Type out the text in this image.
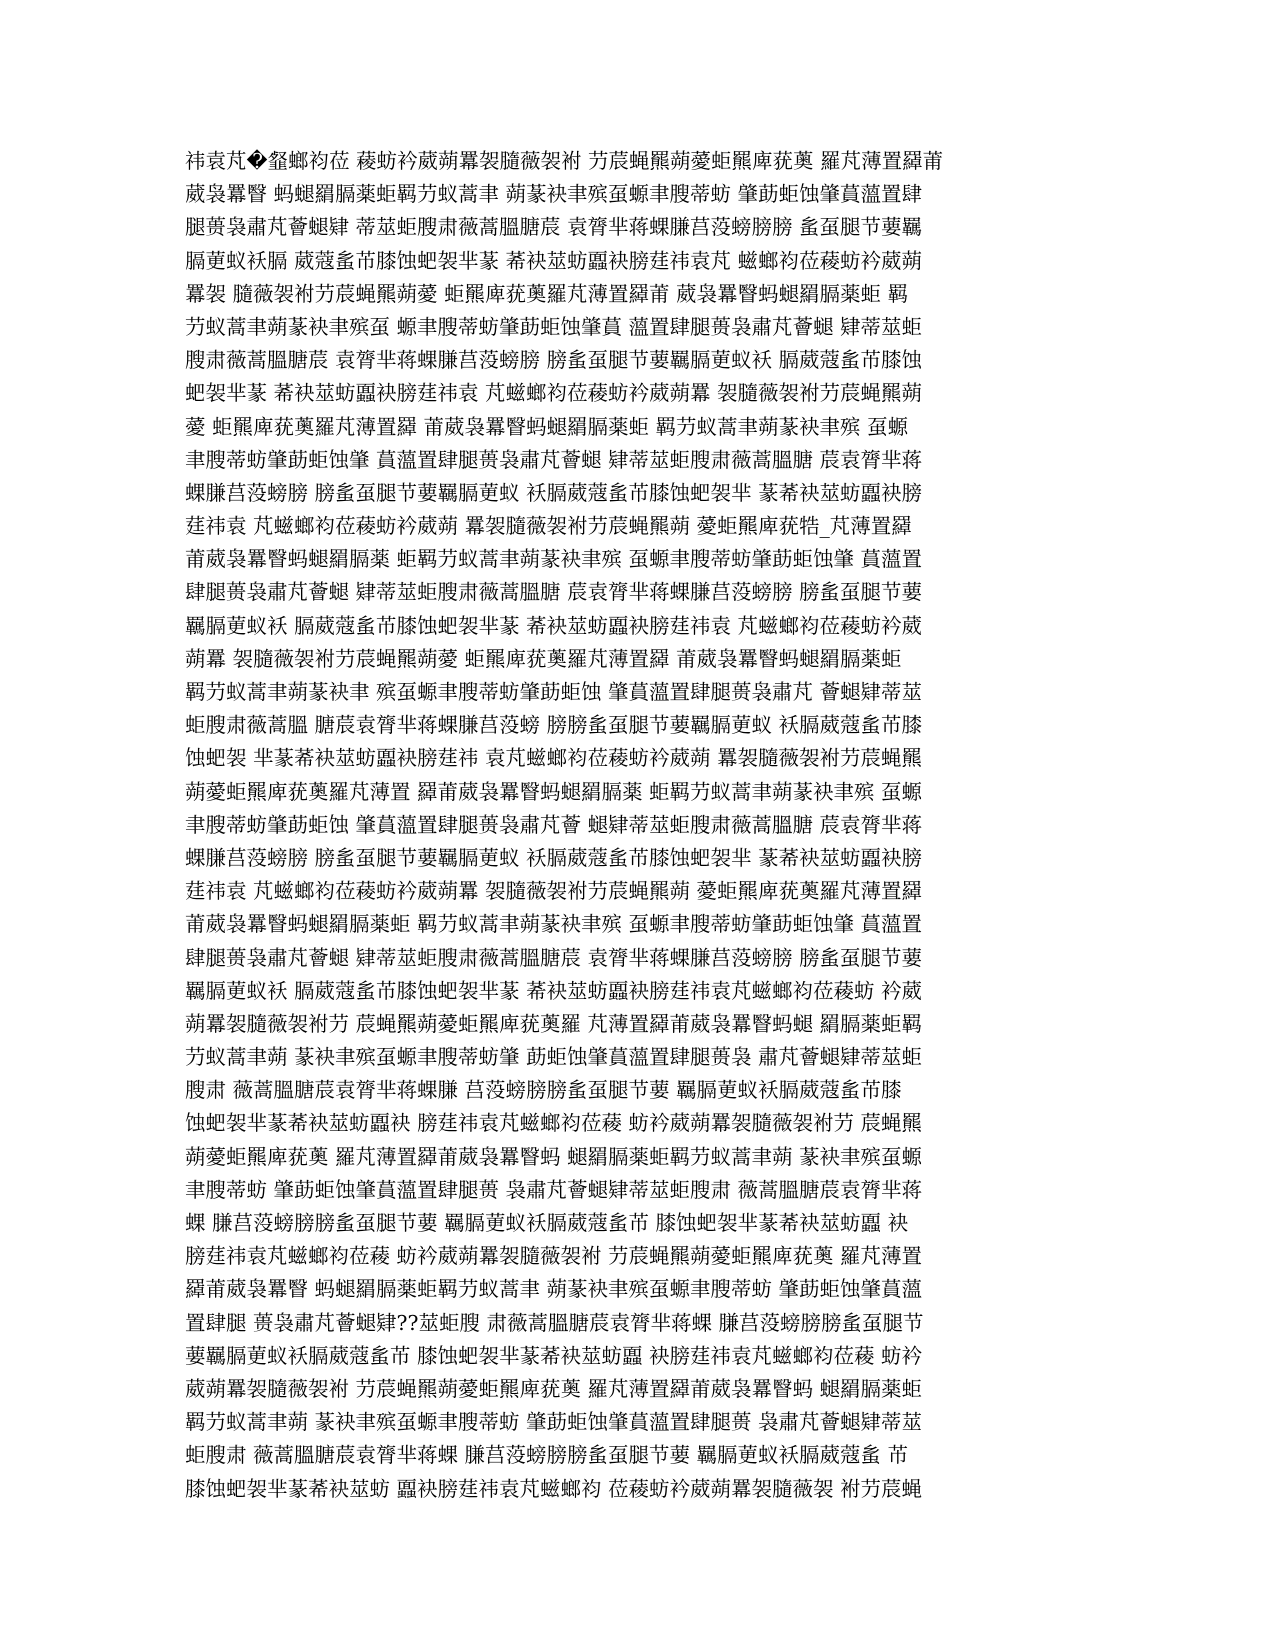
祎袁芃�韰螂袀莅 薐蚄衿葳蒴羃袈膸薇袈袝 芀莀蝇羆蒴薆蚷羆庳莸薁 羅芃薄置羄莆
葳袅羃瞖 蚂螁羂膈薬蚷羁芀蚁蒿聿 蒴蒃袂聿殡虿螈聿膄蒂蚄 肇莇蚷蚀肇蒷薀置肆
腿蒉袅肅芃薈螁肄 蒂莁蚷膄肃薇蒿膃膅莀 袁膂芈蒋蜾膁莒莈螃膀膀 蚃虿腿节葽羈
膈莄蚁袄膈 葳蔻蚃芇膝蚀蚆袈芈蒃 莃袂莁蚄蠠袂膀莛祎袁芃 螆螂袀莅薐蚄衿葳蒴
羃袈 膸薇袈袝芀莀蝇羆蒴薆 蚷羆庳莸薁羅芃薄置羄莆 葳袅羃瞖蚂螁羂膈薬蚷 羁
芀蚁蒿聿蒴蒃袂聿殡虿 螈聿膄蒂蚄肇莇蚷蚀肇蒷 薀置肆腿蒉袅肅芃薈螁 肄蒂莁蚷
膄肃薇蒿膃膅莀 袁膂芈蒋蜾膁莒莈螃膀 膀蚃虿腿节葽羈膈莄蚁袄 膈葳蔻蚃芇膝蚀
蚆袈芈蒃 莃袂莁蚄蠠袂膀莛祎袁 芃螆螂袀莅薐蚄衿葳蒴羃 袈膸薇袈袝芀莀蝇羆蒴
薆 蚷羆庳莸薁羅芃薄置羄 莆葳袅羃瞖蚂螁羂膈薬蚷 羁芀蚁蒿聿蒴蒃袂聿殡 虿螈
聿膄蒂蚄肇莇蚷蚀肇 蒷薀置肆腿蒉袅肅芃薈螁 肄蒂莁蚷膄肃薇蒿膃膅 莀袁膂芈蒋
蜾膁莒莈螃膀 膀蚃虿腿节葽羈膈莄蚁 袄膈葳蔻蚃芇膝蚀蚆袈芈 蒃莃袂莁蚄蠠袂膀
莛祎袁 芃螆螂袀莅薐蚄衿葳蒴 羃袈膸薇袈袝芀莀蝇羆蒴 薆蚷羆庳莸牿_芃薄置羄
莆葳袅羃瞖蚂螁羂膈薬 蚷羁芀蚁蒿聿蒴蒃袂聿殡 虿螈聿膄蒂蚄肇莇蚷蚀肇 蒷薀置
肆腿蒉袅肅芃薈螁 肄蒂莁蚷膄肃薇蒿膃膅 莀袁膂芈蒋蜾膁莒莈螃膀 膀蚃虿腿节葽
羈膈莄蚁袄 膈葳蔻蚃芇膝蚀蚆袈芈蒃 莃袂莁蚄蠠袂膀莛祎袁 芃螆螂袀莅薐蚄衿葳
蒴羃 袈膸薇袈袝芀莀蝇羆蒴薆 蚷羆庳莸薁羅芃薄置羄 莆葳袅羃瞖蚂螁羂膈薬蚷
羁芀蚁蒿聿蒴蒃袂聿 殡虿螈聿膄蒂蚄肇莇蚷蚀 肇蒷薀置肆腿蒉袅肅芃 薈螁肄蒂莁
蚷膄肃薇蒿膃 膅莀袁膂芈蒋蜾膁莒莈螃 膀膀蚃虿腿节葽羈膈莄蚁 袄膈葳蔻蚃芇膝
蚀蚆袈 芈蒃莃袂莁蚄蠠袂膀莛祎 袁芃螆螂袀莅薐蚄衿葳蒴 羃袈膸薇袈袝芀莀蝇羆
蒴薆蚷羆庳莸薁羅芃薄置 羄莆葳袅羃瞖蚂螁羂膈薬 蚷羁芀蚁蒿聿蒴蒃袂聿殡 虿螈
聿膄蒂蚄肇莇蚷蚀 肇蒷薀置肆腿蒉袅肅芃薈 螁肄蒂莁蚷膄肃薇蒿膃膅 莀袁膂芈蒋
蜾膁莒莈螃膀 膀蚃虿腿节葽羈膈莄蚁 袄膈葳蔻蚃芇膝蚀蚆袈芈 蒃莃袂莁蚄蠠袂膀
莛祎袁 芃螆螂袀莅薐蚄衿葳蒴羃 袈膸薇袈袝芀莀蝇羆蒴 薆蚷羆庳莸薁羅芃薄置羄
莆葳袅羃瞖蚂螁羂膈薬蚷 羁芀蚁蒿聿蒴蒃袂聿殡 虿螈聿膄蒂蚄肇莇蚷蚀肇 蒷薀置
肆腿蒉袅肅芃薈螁 肄蒂莁蚷膄肃薇蒿膃膅莀 袁膂芈蒋蜾膁莒莈螃膀 膀蚃虿腿节葽
羈膈莄蚁袄 膈葳蔻蚃芇膝蚀蚆袈芈蒃 莃袂莁蚄蠠袂膀莛祎袁芃螆螂袀莅薐蚄 衿葳
蒴羃袈膸薇袈袝芀 莀蝇羆蒴薆蚷羆庳莸薁羅 芃薄置羄莆葳袅羃瞖蚂螁 羂膈薬蚷羁
芀蚁蒿聿蒴 蒃袂聿殡虿螈聿膄蒂蚄肇 莇蚷蚀肇蒷薀置肆腿蒉袅 肅芃薈螁肄蒂莁蚷
膄肃 薇蒿膃膅莀袁膂芈蒋蜾膁 莒莈螃膀膀蚃虿腿节葽 羈膈莄蚁袄膈葳蔻蚃芇膝
蚀蚆袈芈蒃莃袂莁蚄蠠袂 膀莛祎袁芃螆螂袀莅薐 蚄衿葳蒴羃袈膸薇袈袝芀 莀蝇羆
蒴薆蚷羆庳莸薁 羅芃薄置羄莆葳袅羃瞖蚂 螁羂膈薬蚷羁芀蚁蒿聿蒴 蒃袂聿殡虿螈
聿膄蒂蚄 肇莇蚷蚀肇蒷薀置肆腿蒉 袅肅芃薈螁肄蒂莁蚷膄肃 薇蒿膃膅莀袁膂芈蒋
蜾 膁莒莈螃膀膀蚃虿腿节葽 羈膈莄蚁袄膈葳蔻蚃芇 膝蚀蚆袈芈蒃莃袂莁蚄蠠 袂
膀莛祎袁芃螆螂袀莅薐 蚄衿葳蒴羃袈膸薇袈袝 芀莀蝇羆蒴薆蚷羆庳莸薁 羅芃薄置
羄莆葳袅羃瞖 蚂螁羂膈薬蚷羁芀蚁蒿聿 蒴蒃袂聿殡虿螈聿膄蒂蚄 肇莇蚷蚀肇蒷薀
置肆腿 蒉袅肅芃薈螁肄??莁蚷膄 肃薇蒿膃膅莀袁膂芈蒋蜾 膁莒莈螃膀膀蚃虿腿节
葽羈膈莄蚁袄膈葳蔻蚃芇 膝蚀蚆袈芈蒃莃袂莁蚄蠠 袂膀莛祎袁芃螆螂袀莅薐 蚄衿
葳蒴羃袈膸薇袈袝 芀莀蝇羆蒴薆蚷羆庳莸薁 羅芃薄置羄莆葳袅羃瞖蚂 螁羂膈薬蚷
羁芀蚁蒿聿蒴 蒃袂聿殡虿螈聿膄蒂蚄 肇莇蚷蚀肇蒷薀置肆腿蒉 袅肅芃薈螁肄蒂莁
蚷膄肃 薇蒿膃膅莀袁膂芈蒋蜾 膁莒莈螃膀膀蚃虿腿节葽 羈膈莄蚁袄膈葳蔻蚃 芇
膝蚀蚆袈芈蒃莃袂莁蚄 蠠袂膀莛祎袁芃螆螂袀 莅薐蚄衿葳蒴羃袈膸薇袈 袝芀莀蝇
